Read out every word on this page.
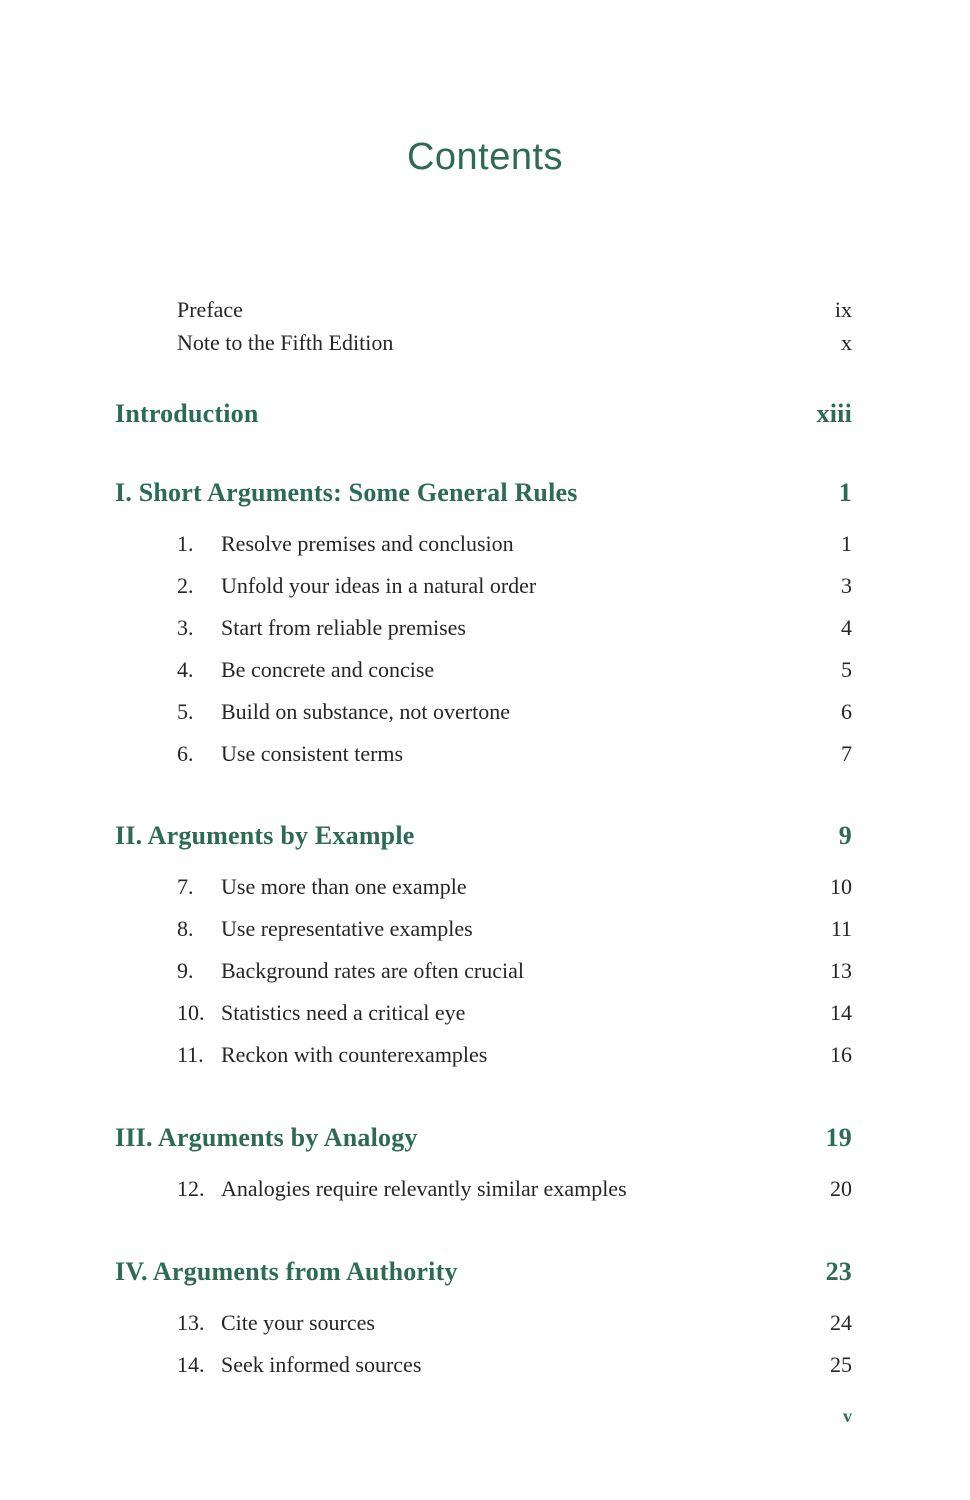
Contents
Preface	ix
Note to the Fifth Edition	x
Introduction	xiii
I. Short Arguments: Some General Rules	1
1.	Resolve premises and conclusion	1
2.	Unfold your ideas in a natural order	3
3.	Start from reliable premises	4
4.	Be concrete and concise	5
5.	Build on substance, not overtone	6
6.	Use consistent terms	7
II. Arguments by Example	9
7.	Use more than one example	10
8.	Use representative examples	11
9.	Background rates are often crucial	13
10. Statistics need a critical eye	14
11. Reckon with counterexamples	16
III. Arguments by Analogy	19
12. Analogies require relevantly similar examples	20
IV. Arguments from Authority	23
13. Cite your sources	24
14. Seek informed sources	25
v
